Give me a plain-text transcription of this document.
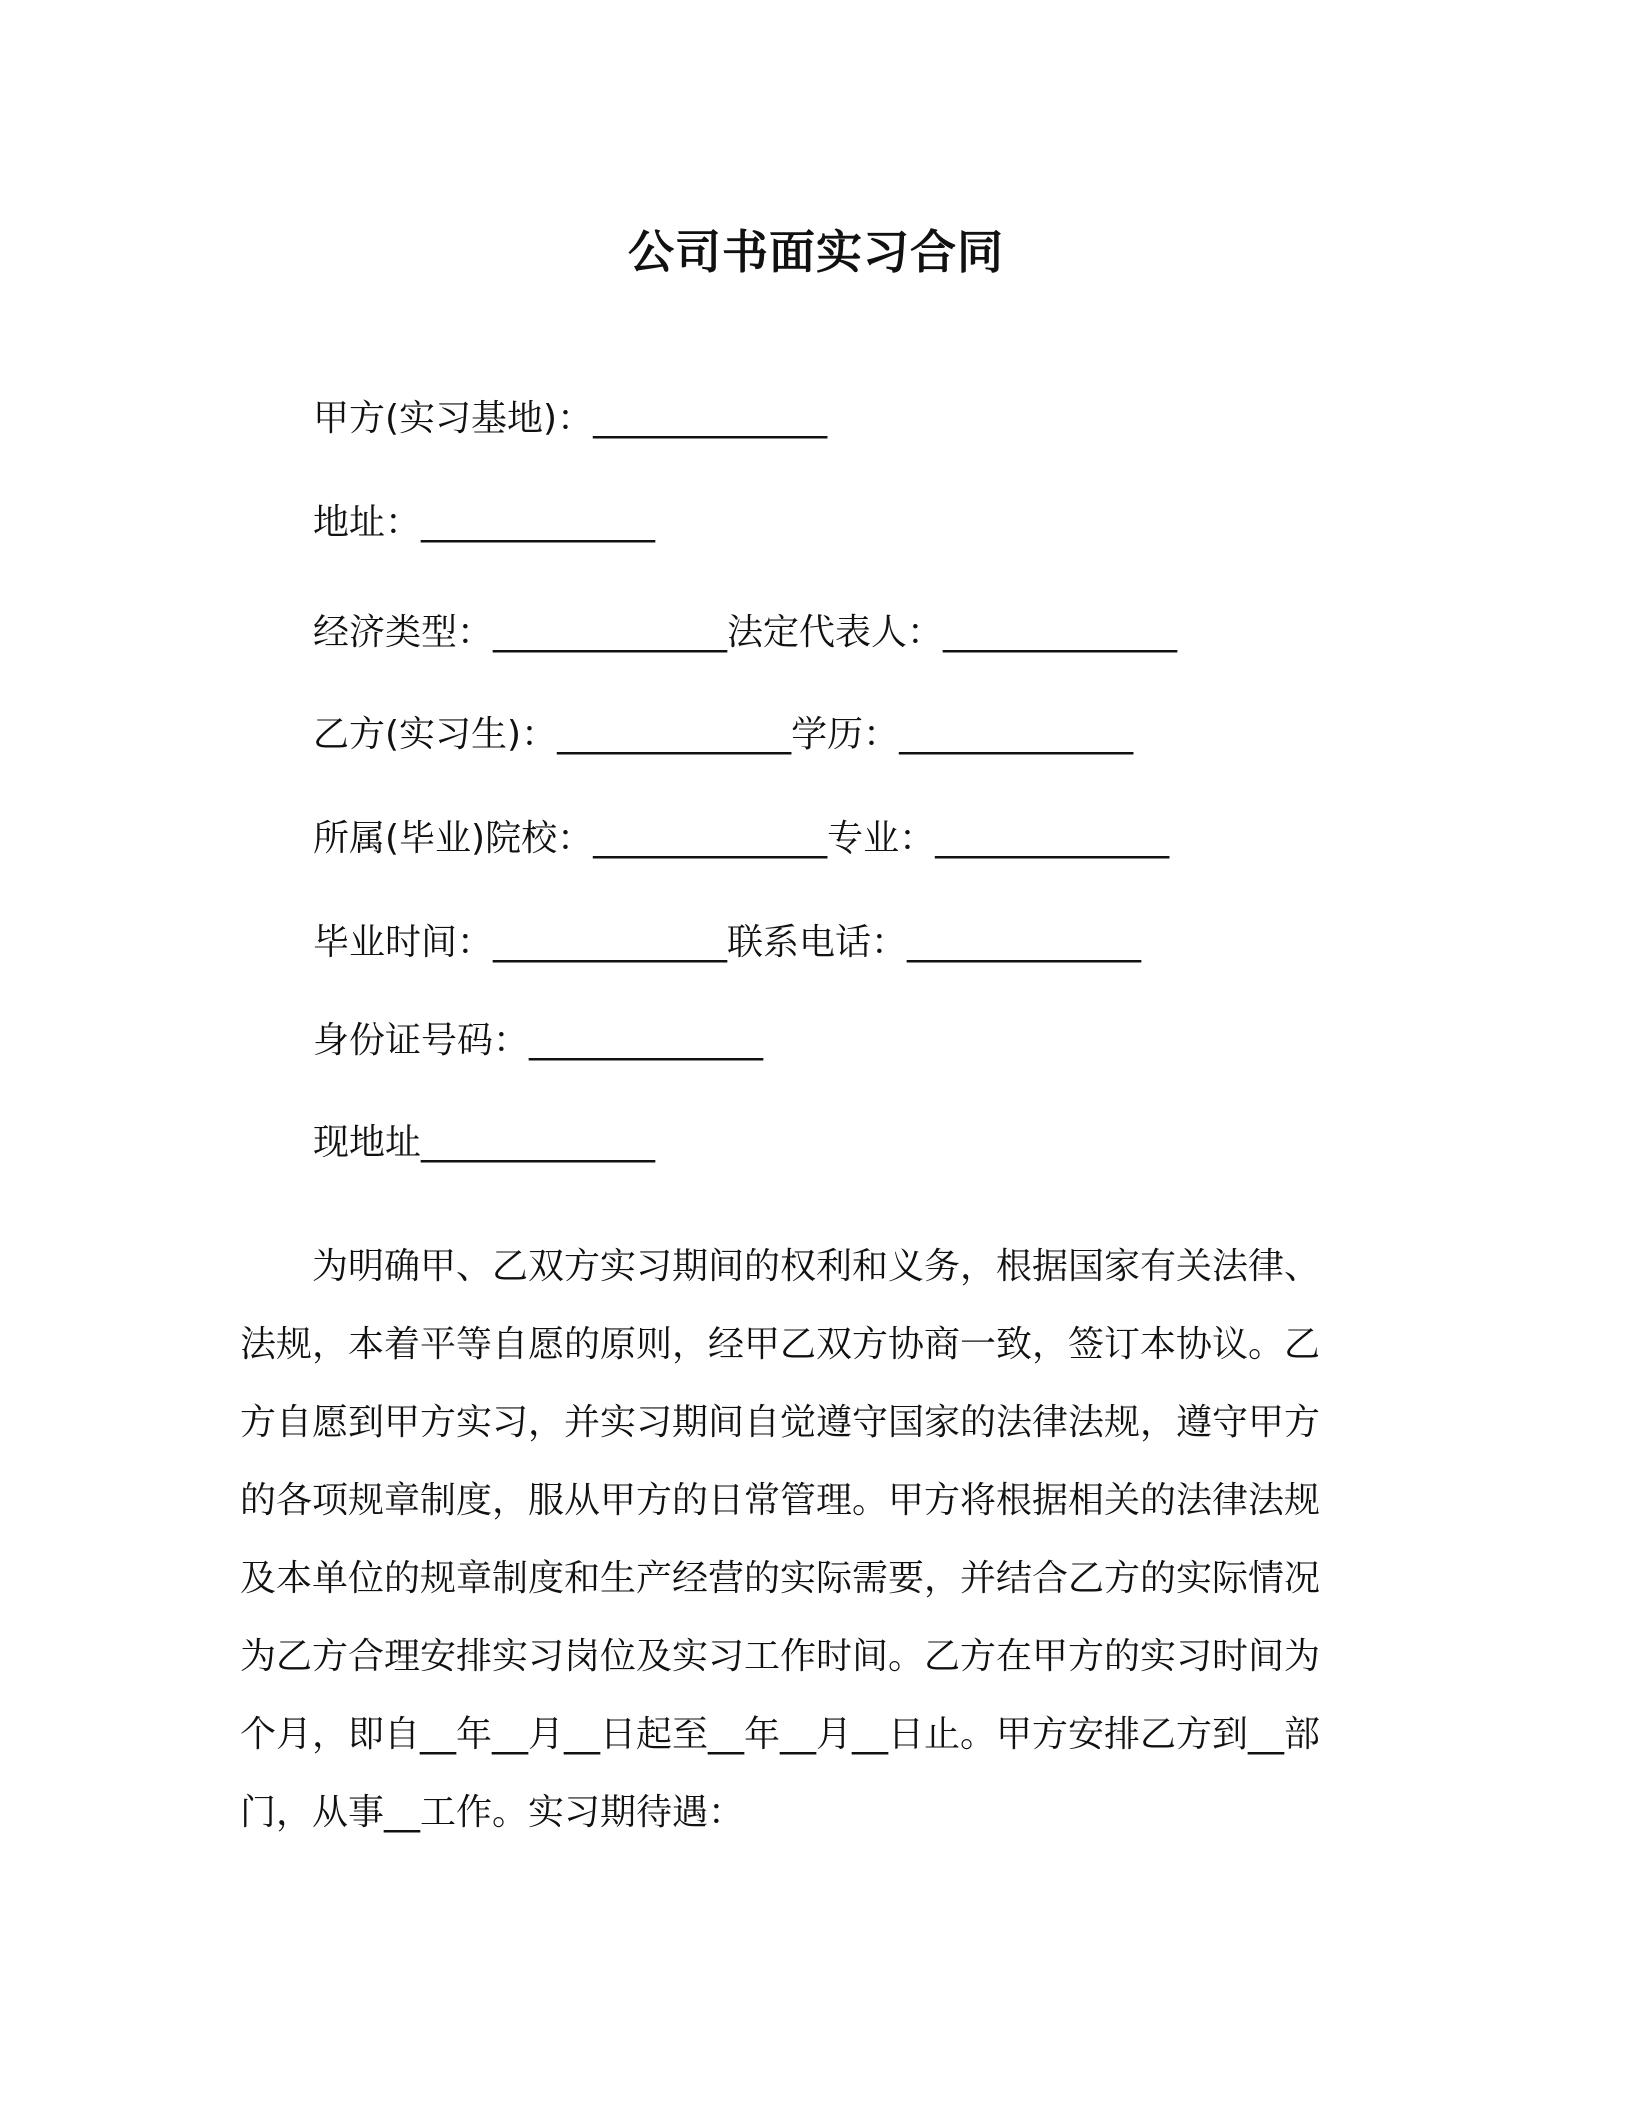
公司书面实习合同
甲方(实习基地)：_____________
地址：_____________
经济类型：_____________法定代表人：_____________
乙方(实习生)：_____________学历：_____________
所属(毕业)院校：_____________专业：_____________
毕业时间：_____________联系电话：_____________
身份证号码：_____________
现地址_____________

为明确甲、乙双方实习期间的权利和义务，根据国家有关法律、法规，本着平等自愿的原则，经甲乙双方协商一致，签订本协议。乙方自愿到甲方实习，并实习期间自觉遵守国家的法律法规，遵守甲方的各项规章制度，服从甲方的日常管理。甲方将根据相关的法律法规及本单位的规章制度和生产经营的实际需要，并结合乙方的实际情况为乙方合理安排实习岗位及实习工作时间。乙方在甲方的实习时间为个月，即自__年__月__日起至__年__月__日止。甲方安排乙方到__部门，从事__工作。实习期待遇：
